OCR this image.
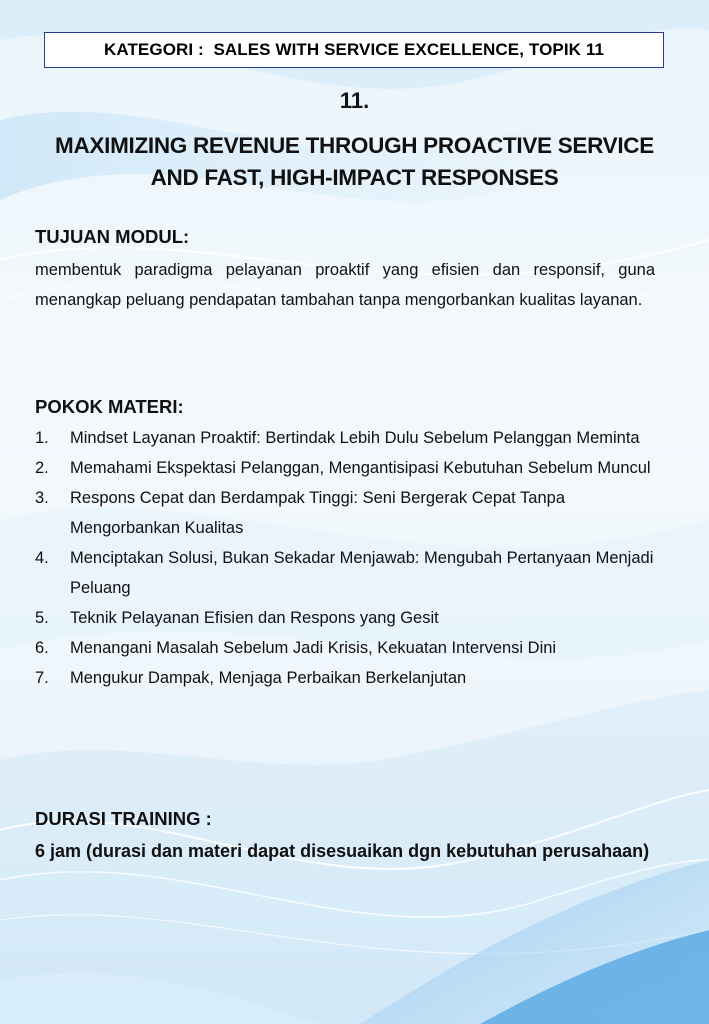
KATEGORI :  SALES WITH SERVICE EXCELLENCE, TOPIK 11
11.
MAXIMIZING REVENUE THROUGH PROACTIVE SERVICE AND FAST, HIGH-IMPACT RESPONSES
TUJUAN MODUL:
membentuk paradigma pelayanan proaktif yang efisien dan responsif, guna menangkap peluang pendapatan tambahan tanpa mengorbankan kualitas layanan.
POKOK MATERI:
1.	Mindset Layanan Proaktif: Bertindak Lebih Dulu Sebelum Pelanggan Meminta
2.	Memahami Ekspektasi Pelanggan, Mengantisipasi Kebutuhan Sebelum Muncul
3.	Respons Cepat dan Berdampak Tinggi: Seni Bergerak Cepat Tanpa Mengorbankan Kualitas
4.	Menciptakan Solusi, Bukan Sekadar Menjawab: Mengubah Pertanyaan Menjadi Peluang
5.	Teknik Pelayanan Efisien dan Respons yang Gesit
6.	Menangani Masalah Sebelum Jadi Krisis, Kekuatan Intervensi Dini
7.	Mengukur Dampak, Menjaga Perbaikan Berkelanjutan
DURASI TRAINING :
6 jam (durasi dan materi dapat disesuaikan dgn kebutuhan perusahaan)
